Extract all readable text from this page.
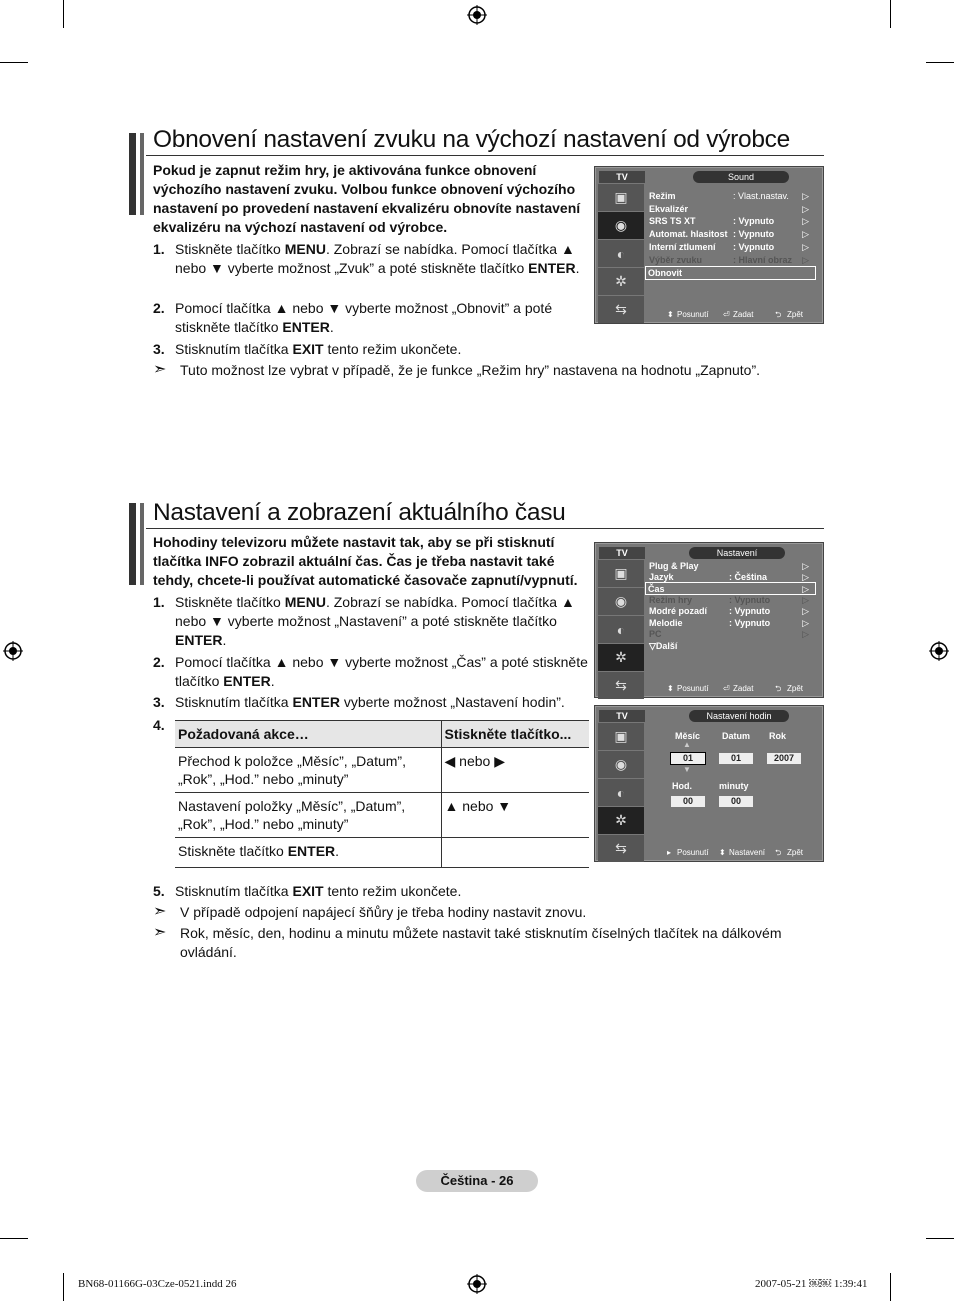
Obnovení nastavení zvuku na výchozí nastavení od výrobce
Pokud je zapnut režim hry, je aktivována funkce obnovení výchozího nastavení zvuku. Volbou funkce obnovení výchozího nastavení po provedení nastavení ekvalizéru obnovíte nastavení ekvalizéru na výchozí nastavení od výrobce.
1. Stiskněte tlačítko MENU. Zobrazí se nabídka. Pomocí tlačítka ▲ nebo ▼ vyberte možnost „Zvuk” a poté stiskněte tlačítko ENTER.
2. Pomocí tlačítka ▲ nebo ▼ vyberte možnost „Obnovit” a poté stiskněte tlačítko ENTER.
3. Stisknutím tlačítka EXIT tento režim ukončete.
➣ Tuto možnost lze vybrat v případě, že je funkce „Režim hry” nastavena na hodnotu „Zapnuto”.
TV	Sound
▣
◉
◐
✲
⇆
Režim	: Vlast.nastav. ▷
Ekvalizér	▷
SRS TS XT	: Vypnuto	▷
Automat. hlasitost : Vypnuto	▷
Interní ztlumení : Vypnuto	▷
Výběr zvuku	: Hlavní obraz ▷
Obnovit
⬍ Posunutí ⏎ Zadat	⮌ Zpět
Nastavení a zobrazení aktuálního času
Hohodiny televizoru můžete nastavit tak, aby se při stisknutí tlačítka INFO zobrazil aktuální čas. Čas je třeba nastavit také tehdy, chcete-li používat automatické časovače zapnutí/vypnutí.
1. Stiskněte tlačítko MENU. Zobrazí se nabídka. Pomocí tlačítka ▲ nebo ▼ vyberte možnost „Nastavení” a poté stiskněte tlačítko ENTER.
2. Pomocí tlačítka ▲ nebo ▼ vyberte možnost „Čas” a poté stiskněte tlačítko ENTER.
3. Stisknutím tlačítka ENTER vyberte možnost „Nastavení hodin”.
4.
Požadovaná akce…	Stiskněte tlačítko...
Přechod k položce „Měsíc”, „Datum”, „Rok”, „Hod.” nebo „minuty”	◀ nebo ▶
Nastavení položky „Měsíc”, „Datum”, „Rok”, „Hod.” nebo „minuty”	▲ nebo ▼
Stiskněte tlačítko ENTER.	
5. Stisknutím tlačítka EXIT tento režim ukončete.
➣ V případě odpojení napájecí šňůry je třeba hodiny nastavit znovu.
➣ Rok, měsíc, den, hodinu a minutu můžete nastavit také stisknutím číselných tlačítek na dálkovém ovládání.
TV	Nastavení
▣
◉
◐
✲
⇆
Plug & Play	▷
Jazyk	: Čeština	▷
Čas	▷
Režim hry	: Vypnuto	▷
Modré pozadí : Vypnuto	▷
Melodie	: Vypnuto	▷
PC	▷
▽Další
⬍ Posunutí ⏎ Zadat	⮌ Zpět
TV	Nastavení hodin
▣
◉
◐
✲
⇆
Měsíc Datum Rok
▲
01	01	2007
▼
Hod.	minuty
00	00
▸ Posunutí ⬍ Nastavení ⮌ Zpět
Čeština - 26
BN68-01166G-03Cze-0521.indd 26	2007-05-21 ￼￼ 1:39:41
